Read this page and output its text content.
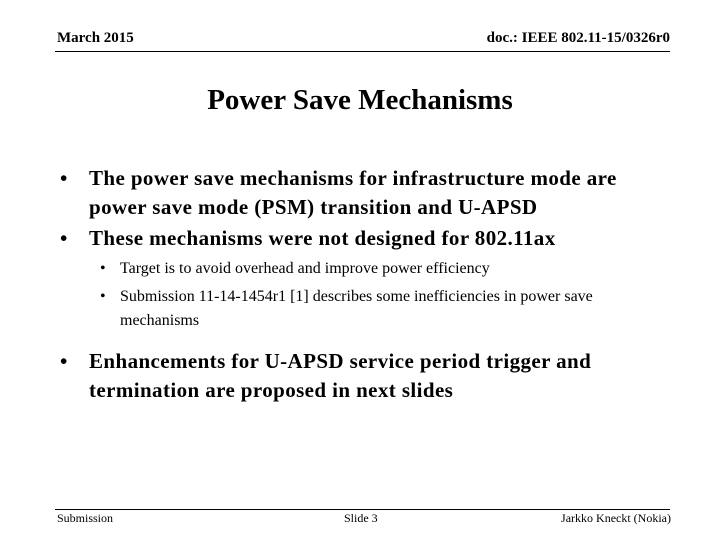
March 2015	doc.: IEEE 802.11-15/0326r0
Power Save Mechanisms
• The power save mechanisms for infrastructure mode are power save mode (PSM) transition and U-APSD
• These mechanisms were not designed for 802.11ax
• Target is to avoid overhead and improve power efficiency
• Submission 11-14-1454r1 [1] describes some inefficiencies in power save mechanisms
• Enhancements for U-APSD service period trigger and termination are proposed in next slides
Submission	Slide 3	Jarkko Kneckt (Nokia)
